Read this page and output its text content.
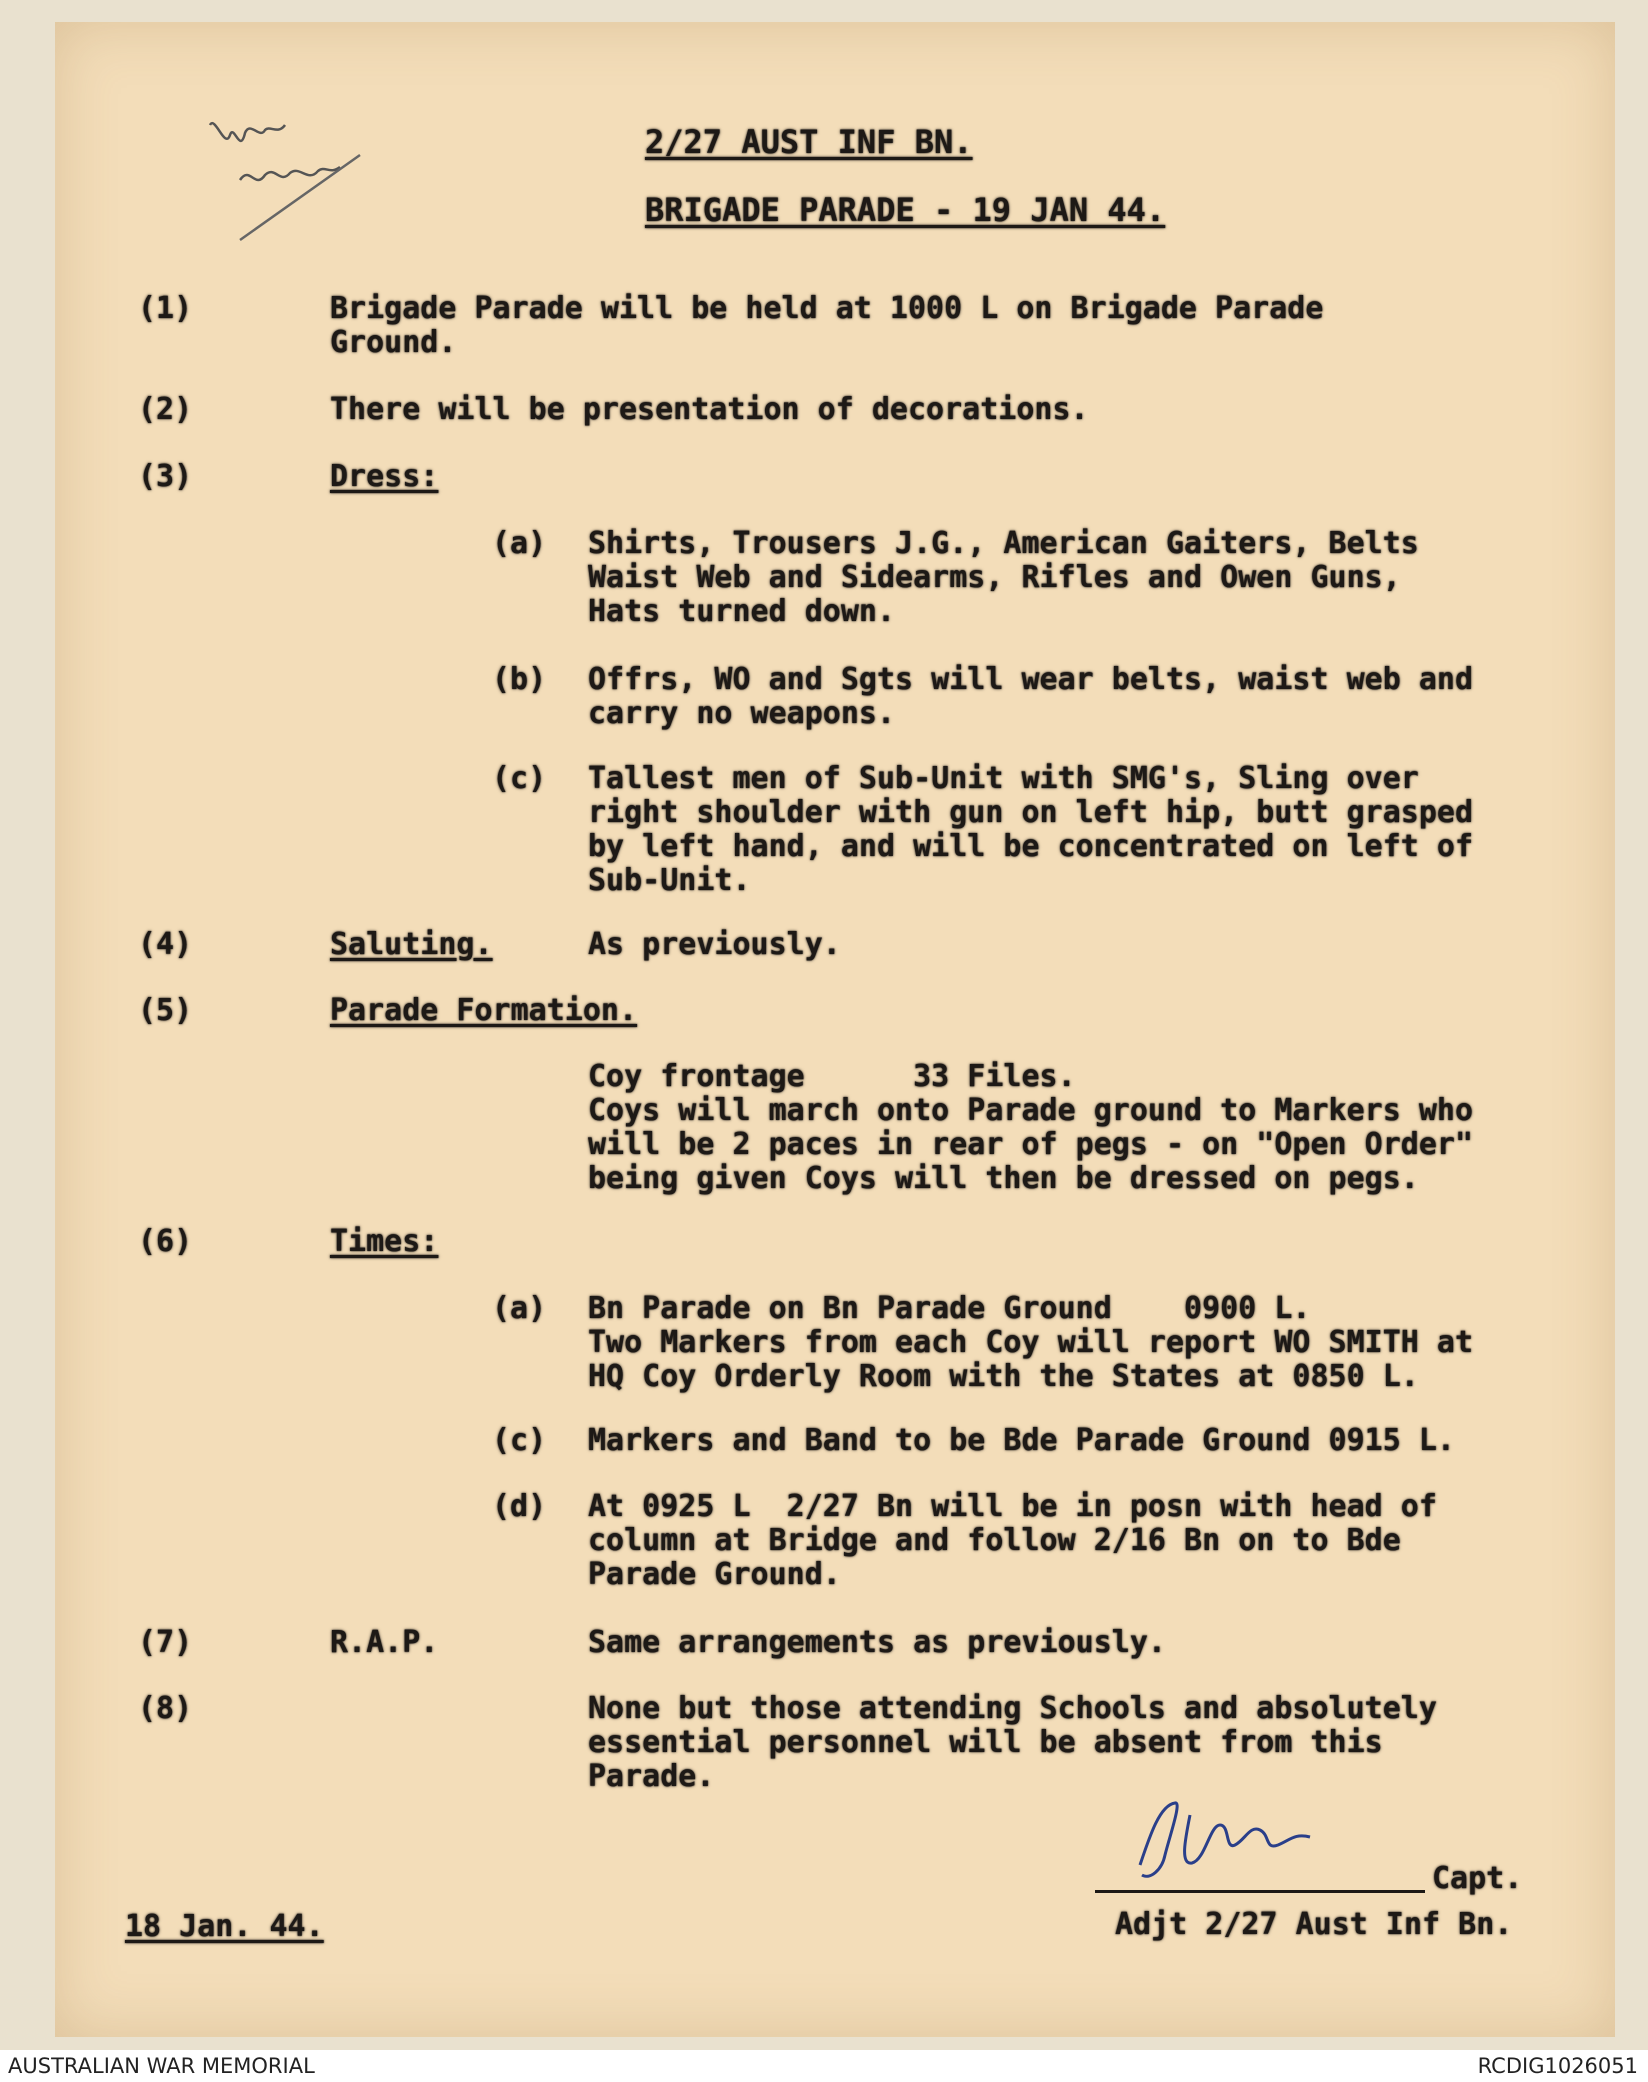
2/27 AUST INF BN.
BRIGADE PARADE - 19 JAN 44.
(1)	Brigade Parade will be held at 1000 L on Brigade Parade
Ground.
(2)	There will be presentation of decorations.
(3)	Dress:
(a) Shirts, Trousers J.G., American Gaiters, Belts
Waist Web and Sidearms, Rifles and Owen Guns,
Hats turned down.
(b) Offrs, WO and Sgts will wear belts, waist web and
carry no weapons.
(c) Tallest men of Sub-Unit with SMG's, Sling over
right shoulder with gun on left hip, butt grasped
by left hand, and will be concentrated on left of
Sub-Unit.
(4)	Saluting.	As previously.
(5)	Parade Formation.
Coy frontage      33 Files.
Coys will march onto Parade ground to Markers who
will be 2 paces in rear of pegs - on "Open Order"
being given Coys will then be dressed on pegs.
(6)	Times:
(a) Bn Parade on Bn Parade Ground    0900 L.
Two Markers from each Coy will report WO SMITH at
HQ Coy Orderly Room with the States at 0850 L.
(c) Markers and Band to be Bde Parade Ground 0915 L.
(d) At 0925 L  2/27 Bn will be in posn with head of
column at Bridge and follow 2/16 Bn on to Bde
Parade Ground.
(7)	R.A.P.	Same arrangements as previously.
(8)	None but those attending Schools and absolutely
essential personnel will be absent from this
Parade.
Capt.
Adjt 2/27 Aust Inf Bn.
18 Jan. 44.
AUSTRALIAN WAR MEMORIAL	RCDIG1026051
